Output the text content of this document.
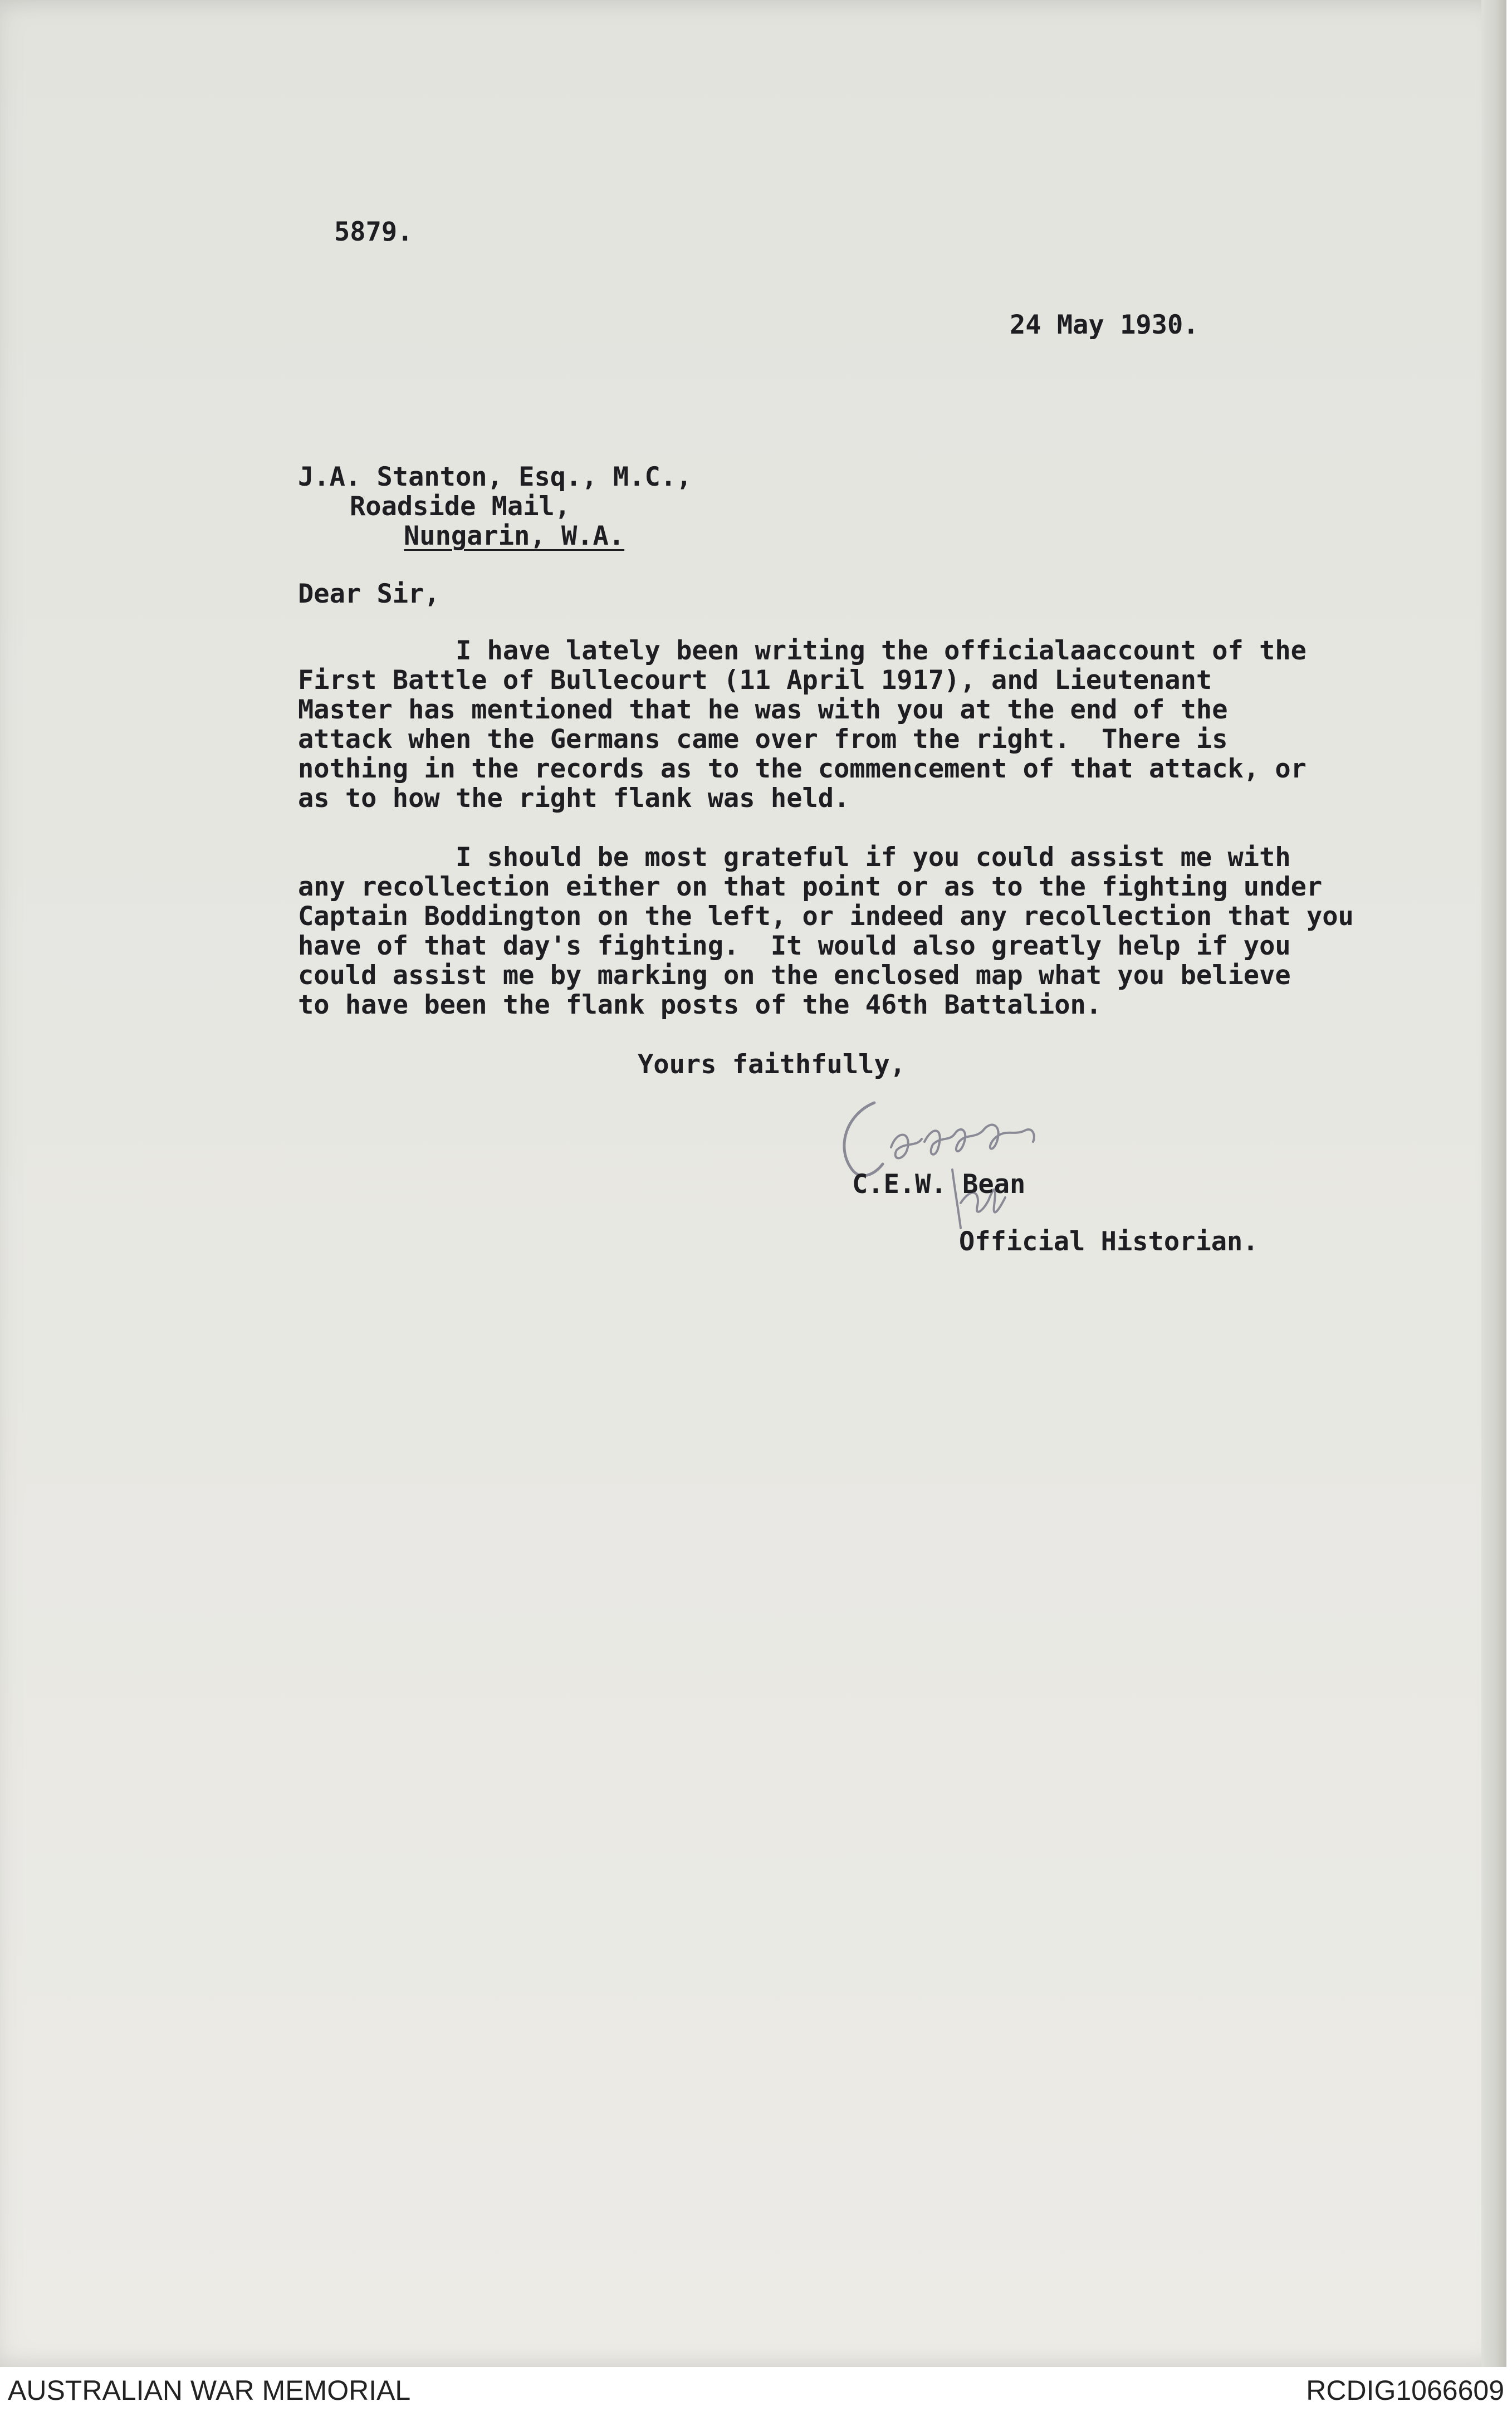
5879.

24 May 1930.

J.A. Stanton, Esq., M.C.,

Roadside Mail,

Nungarin, W.A.

Dear Sir,

I have lately been writing the officialaaccount of the
First Battle of Bullecourt (11 April 1917), and Lieutenant
Master has mentioned that he was with you at the end of the
attack when the Germans came over from the right.  There is
nothing in the records as to the commencement of that attack, or
as to how the right flank was held.

I should be most grateful if you could assist me with
any recollection either on that point or as to the fighting under
Captain Boddington on the left, or indeed any recollection that you
have of that day's fighting.  It would also greatly help if you
could assist me by marking on the enclosed map what you believe
to have been the flank posts of the 46th Battalion.

Yours faithfully,

C.E.W. Bean

Official Historian.

AUSTRALIAN WAR MEMORIAL	RCDIG1066609
